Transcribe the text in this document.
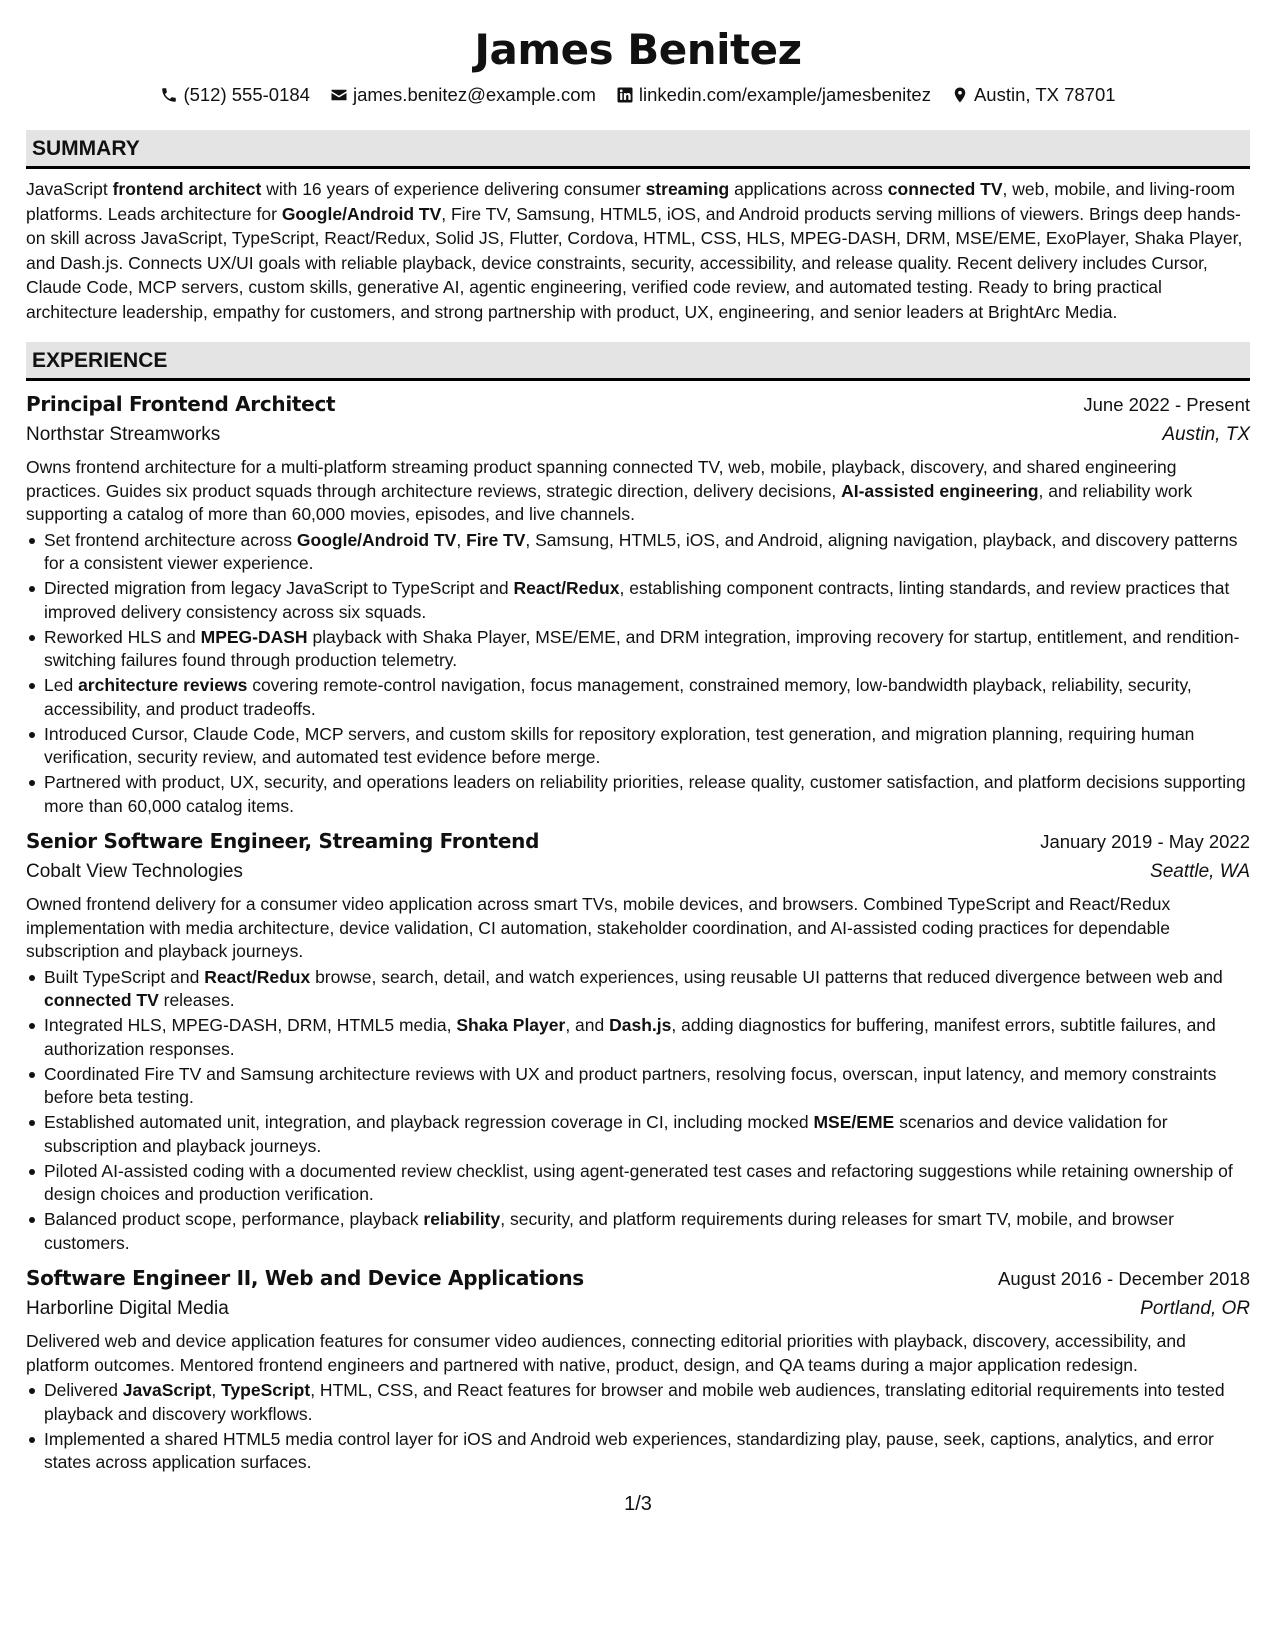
James Benitez
(512) 555-0184 james.benitez@example.com linkedin.com/example/jamesbenitez Austin, TX 78701
SUMMARY

JavaScript frontend architect with 16 years of experience delivering consumer streaming applications across connected TV, web, mobile, and living-room platforms. Leads architecture for Google/Android TV, Fire TV, Samsung, HTML5, iOS, and Android products serving millions of viewers. Brings deep hands-on skill across JavaScript, TypeScript, React/Redux, Solid JS, Flutter, Cordova, HTML, CSS, HLS, MPEG-DASH, DRM, MSE/EME, ExoPlayer, Shaka Player, and Dash.js. Connects UX/UI goals with reliable playback, device constraints, security, accessibility, and release quality. Recent delivery includes Cursor, Claude Code, MCP servers, custom skills, generative AI, agentic engineering, verified code review, and automated testing. Ready to bring practical architecture leadership, empathy for customers, and strong partnership with product, UX, engineering, and senior leaders at BrightArc Media.

EXPERIENCE
Principal Frontend Architect	June 2022 - Present
Northstar Streamworks	Austin, TX

Owns frontend architecture for a multi-platform streaming product spanning connected TV, web, mobile, playback, discovery, and shared engineering practices. Guides six product squads through architecture reviews, strategic direction, delivery decisions, AI-assisted engineering, and reliability work supporting a catalog of more than 60,000 movies, episodes, and live channels.

Set frontend architecture across Google/Android TV, Fire TV, Samsung, HTML5, iOS, and Android, aligning navigation, playback, and discovery patterns for a consistent viewer experience.
Directed migration from legacy JavaScript to TypeScript and React/Redux, establishing component contracts, linting standards, and review practices that improved delivery consistency across six squads.
Reworked HLS and MPEG-DASH playback with Shaka Player, MSE/EME, and DRM integration, improving recovery for startup, entitlement, and rendition-switching failures found through production telemetry.
Led architecture reviews covering remote-control navigation, focus management, constrained memory, low-bandwidth playback, reliability, security, accessibility, and product tradeoffs.
Introduced Cursor, Claude Code, MCP servers, and custom skills for repository exploration, test generation, and migration planning, requiring human verification, security review, and automated test evidence before merge.
Partnered with product, UX, security, and operations leaders on reliability priorities, release quality, customer satisfaction, and platform decisions supporting more than 60,000 catalog items.
Senior Software Engineer, Streaming Frontend	January 2019 - May 2022
Cobalt View Technologies	Seattle, WA

Owned frontend delivery for a consumer video application across smart TVs, mobile devices, and browsers. Combined TypeScript and React/Redux implementation with media architecture, device validation, CI automation, stakeholder coordination, and AI-assisted coding practices for dependable subscription and playback journeys.

Built TypeScript and React/Redux browse, search, detail, and watch experiences, using reusable UI patterns that reduced divergence between web and connected TV releases.
Integrated HLS, MPEG-DASH, DRM, HTML5 media, Shaka Player, and Dash.js, adding diagnostics for buffering, manifest errors, subtitle failures, and authorization responses.
Coordinated Fire TV and Samsung architecture reviews with UX and product partners, resolving focus, overscan, input latency, and memory constraints before beta testing.
Established automated unit, integration, and playback regression coverage in CI, including mocked MSE/EME scenarios and device validation for subscription and playback journeys.
Piloted AI-assisted coding with a documented review checklist, using agent-generated test cases and refactoring suggestions while retaining ownership of design choices and production verification.
Balanced product scope, performance, playback reliability, security, and platform requirements during releases for smart TV, mobile, and browser customers.
Software Engineer II, Web and Device Applications	August 2016 - December 2018
Harborline Digital Media	Portland, OR

Delivered web and device application features for consumer video audiences, connecting editorial priorities with playback, discovery, accessibility, and platform outcomes. Mentored frontend engineers and partnered with native, product, design, and QA teams during a major application redesign.

Delivered JavaScript, TypeScript, HTML, CSS, and React features for browser and mobile web audiences, translating editorial requirements into tested playback and discovery workflows.
Implemented a shared HTML5 media control layer for iOS and Android web experiences, standardizing play, pause, seek, captions, analytics, and error states across application surfaces.
1/3
